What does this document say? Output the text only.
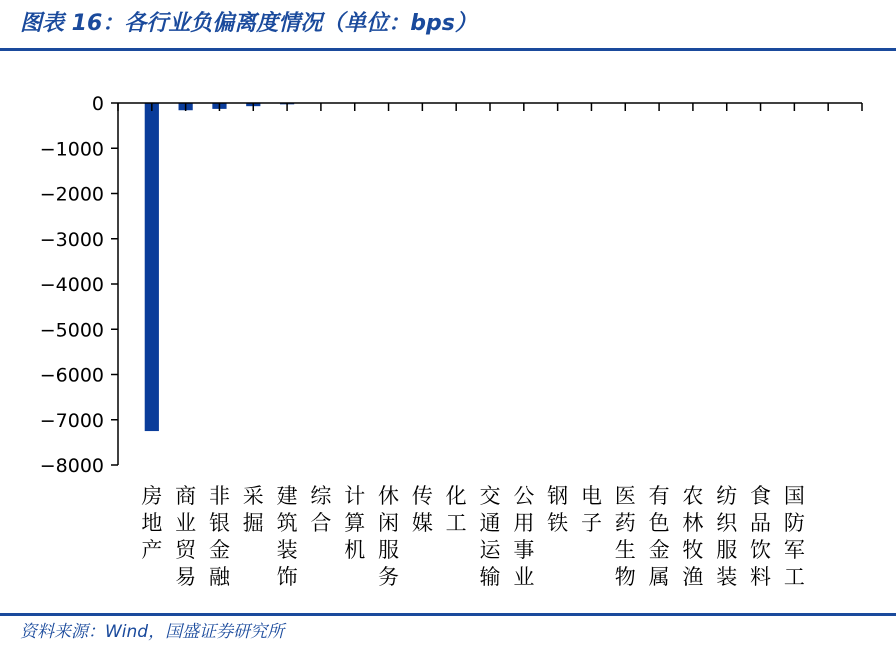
图表 16：各行业负偏离度情况（单位：bps）
0
−1000
−2000
−3000
−4000
−5000
−6000
−7000
−8000
房地产
商业贸易
非银金融
采掘
建筑装饰
综合
计算机
休闲服务
传媒
化工
交通运输
公用事业
钢铁
电子
医药生物
有色金属
农林牧渔
纺织服装
食品饮料
国防军工
资料来源：Wind，国盛证券研究所
